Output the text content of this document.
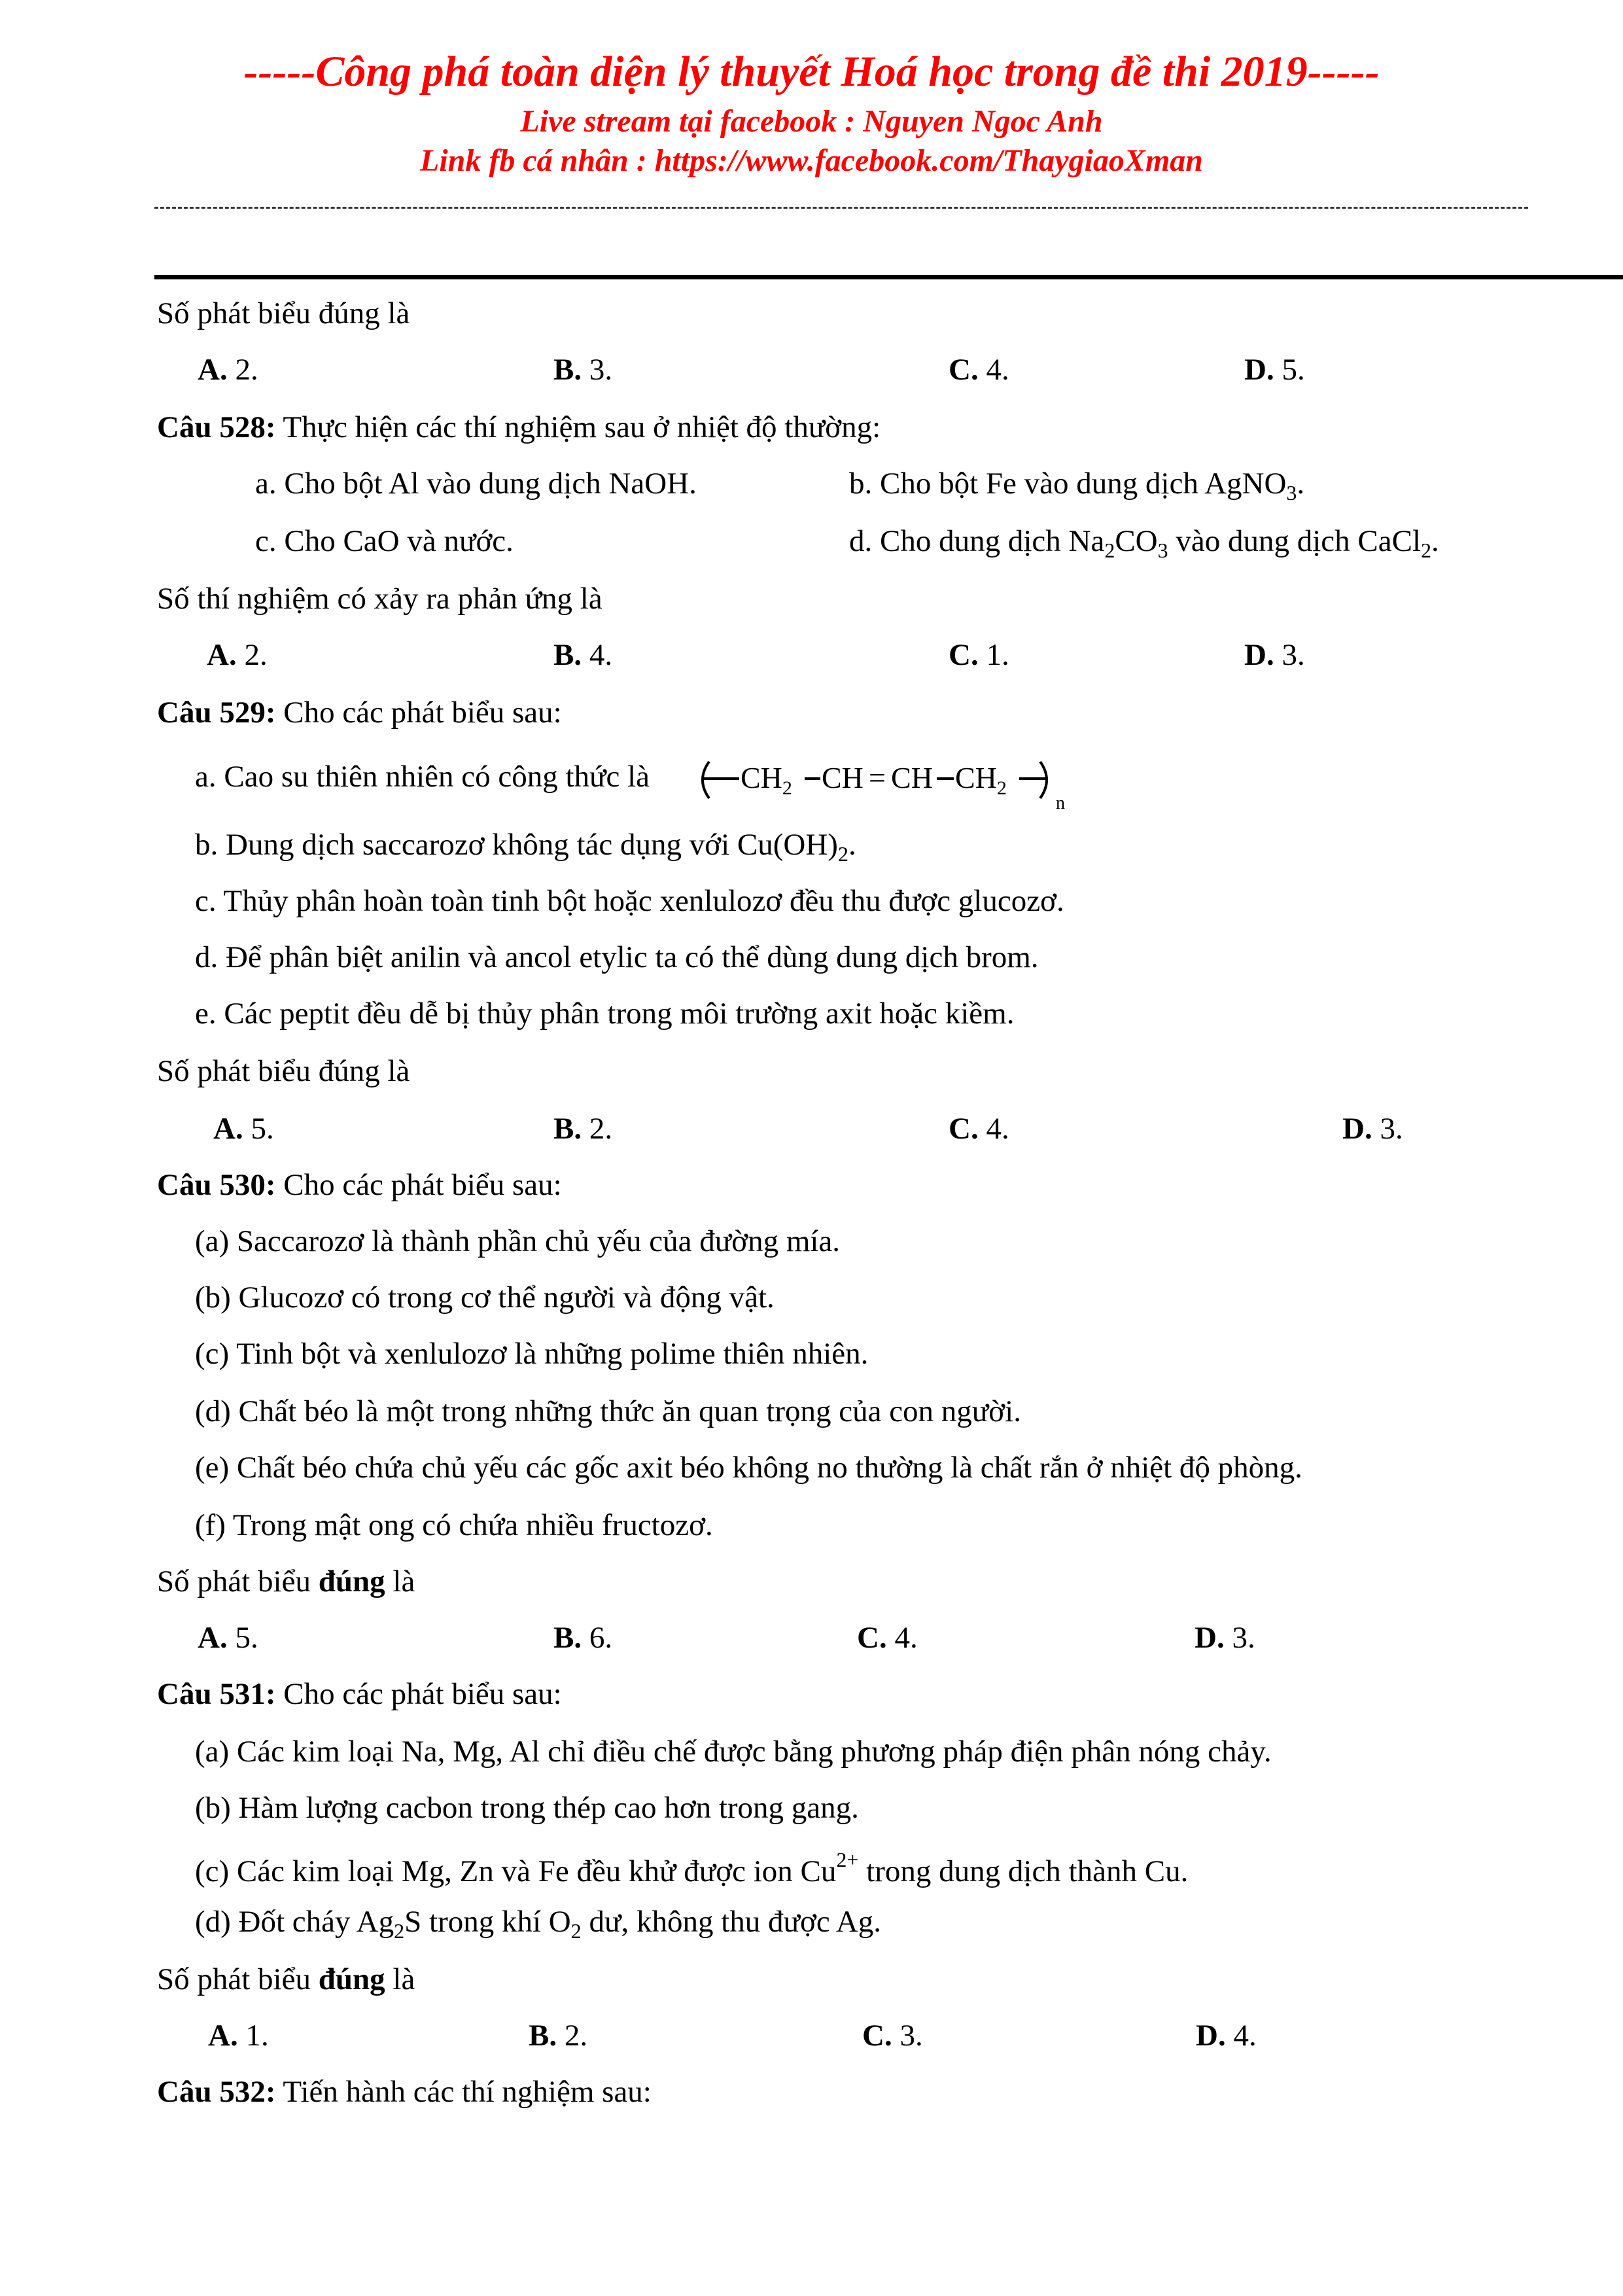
-----Công phá toàn diện lý thuyết Hoá học trong đề thi 2019-----
Live stream tại facebook : Nguyen Ngoc Anh
Link fb cá nhân : https://www.facebook.com/ThaygiaoXman
Số phát biểu đúng là
A. 2.	B. 3.	C. 4.	D. 5.
Câu 528: Thực hiện các thí nghiệm sau ở nhiệt độ thường:
a. Cho bột Al vào dung dịch NaOH.	b. Cho bột Fe vào dung dịch AgNO$_3$.
c. Cho CaO và nước.	d. Cho dung dịch $Na_2CO_3$ vào dung dịch CaCl$_2$.
Số thí nghiệm có xảy ra phản ứng là
A. 2.	B. 4.	C. 1.	D. 3.
Câu 529: Cho các phát biểu sau:
a. Cao su thiên nhiên có công thức là	$CH_2$ CH = CH $CH_2$
n
b. Dung dịch saccarozơ không tác dụng với $Cu(OH)_2$.
c. Thủy phân hoàn toàn tinh bột hoặc xenlulozơ đều thu được glucozơ.
d. Để phân biệt anilin và ancol etylic ta có thể dùng dung dịch brom.
e. Các peptit đều dễ bị thủy phân trong môi trường axit hoặc kiềm.
Số phát biểu đúng là
A. 5.	B. 2.	C. 4.	D. 3.
Câu 530: Cho các phát biểu sau:
(a) Saccarozơ là thành phần chủ yếu của đường mía.
(b) Glucozơ có trong cơ thể người và động vật.
(c) Tinh bột và xenlulozơ là những polime thiên nhiên.
(d) Chất béo là một trong những thức ăn quan trọng của con người.
(e) Chất béo chứa chủ yếu các gốc axit béo không no thường là chất rắn ở nhiệt độ phòng.
(f) Trong mật ong có chứa nhiều fructozơ.
Số phát biểu đúng là
A. 5.	B. 6.	C. 4.	D. 3.
Câu 531: Cho các phát biểu sau:
(a) Các kim loại Na, Mg, Al chỉ điều chế được bằng phương pháp điện phân nóng chảy.
(b) Hàm lượng cacbon trong thép cao hơn trong gang.
(c) Các kim loại Mg, Zn và Fe đều khử được ion $Cu^{2+}$ trong dung dịch thành Cu.
(d) Đốt cháy $Ag_2S$ trong khí $O_2$ dư, không thu được Ag.
Số phát biểu đúng là
A. 1.	B. 2.	C. 3.	D. 4.
Câu 532: Tiến hành các thí nghiệm sau:
